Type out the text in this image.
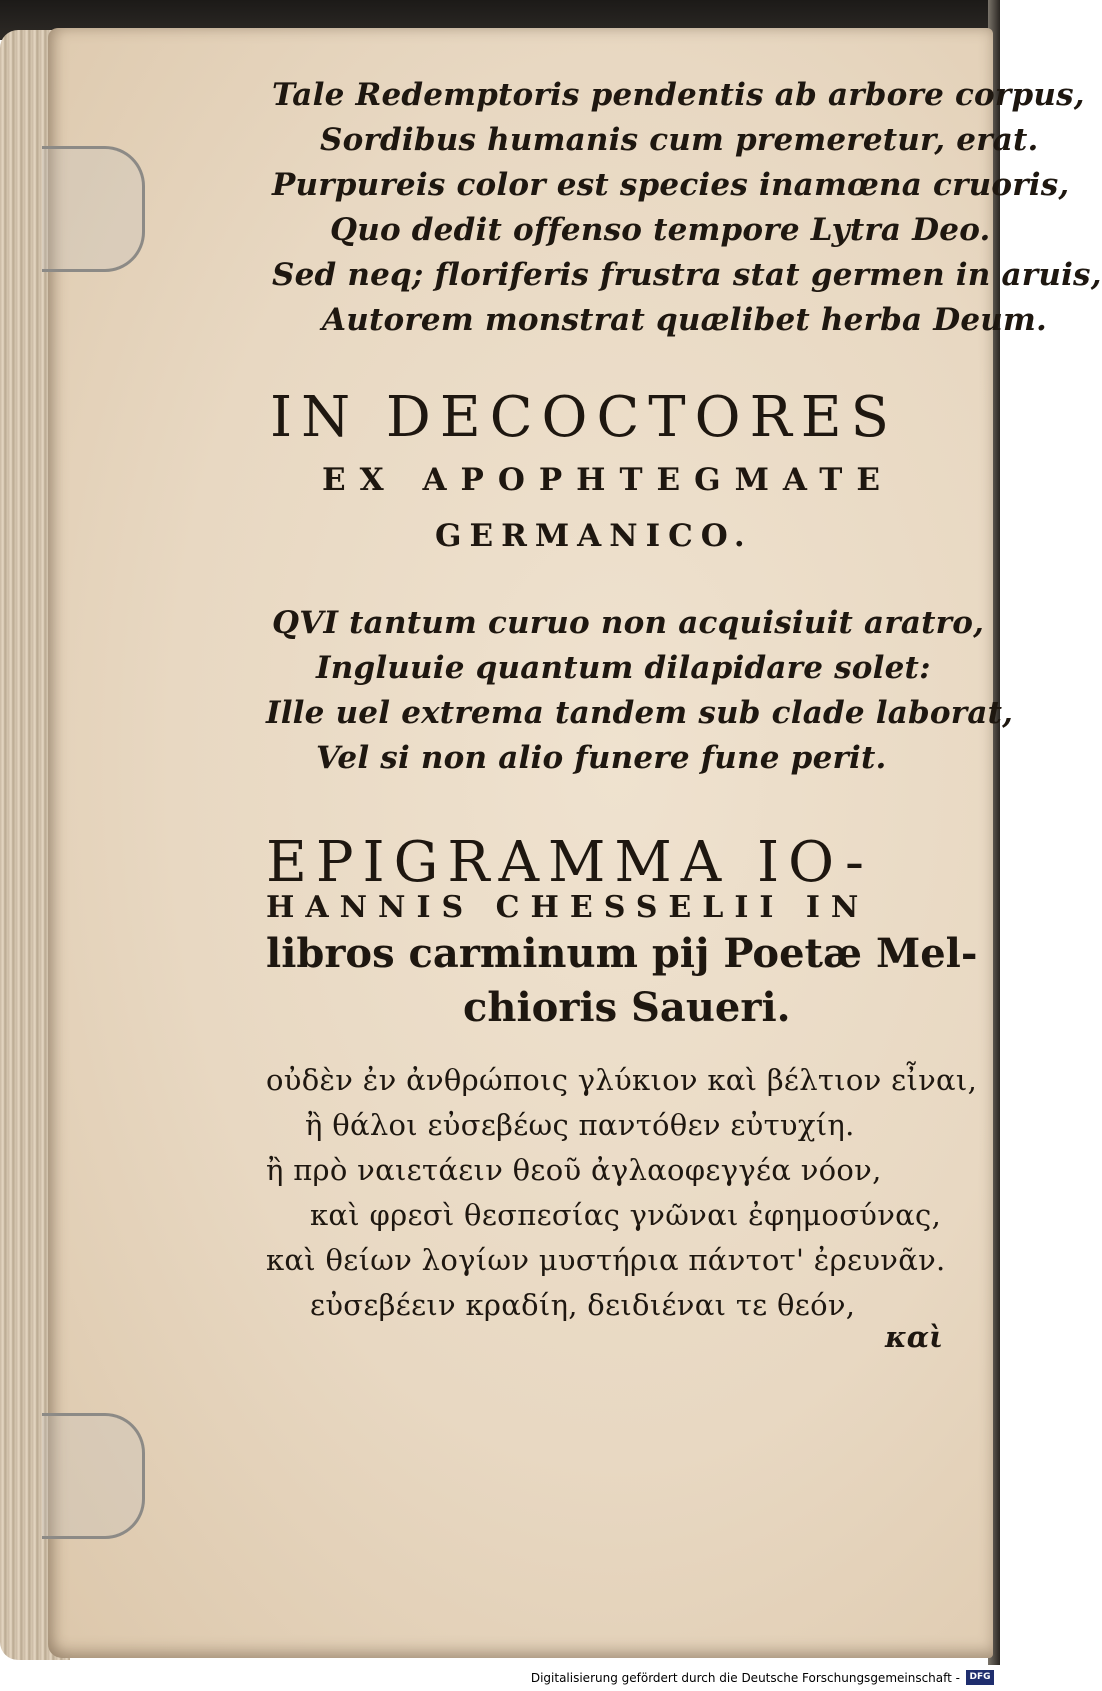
Tale Redemptoris pendentis ab arbore corpus,
Sordibus humanis cum premeretur, erat.
Purpureis color est species inamœna cruoris,
Quo dedit offenso tempore Lytra Deo.
Sed neq; floriferis frustra stat germen in aruis,
Autorem monstrat quælibet herba Deum.
IN DECOCTORES
EX APOPHTEGMATE
GERMANICO.
QVI tantum curuo non acquisiuit aratro,
Ingluuie quantum dilapidare solet:
Ille uel extrema tandem sub clade laborat,
Vel si non alio funere fune perit.
EPIGRAMMA IO-
HANNIS CHESSELII IN
libros carminum pij Poetæ Mel-
chioris Saueri.
οὐδὲν ἐν ἀνθρώποις γλύκιον καὶ βέλτιον εἶναι,
ἢ θάλοι εὐσεβέως παντόθεν εὐτυχίη.
ἢ πρὸ ναιετάειν θεοῦ ἀγλαοφεγγέα νόον,
καὶ φρεσὶ θεσπεσίας γνῶναι ἐφημοσύνας,
καὶ θείων λογίων μυστήρια πάντοτ' ἐρευνᾶν.
εὐσεβέειν κραδίη, δειδιέναι τε θεόν,
καὶ
Digitalisierung gefördert durch die Deutsche Forschungsgemeinschaft -	DFG
